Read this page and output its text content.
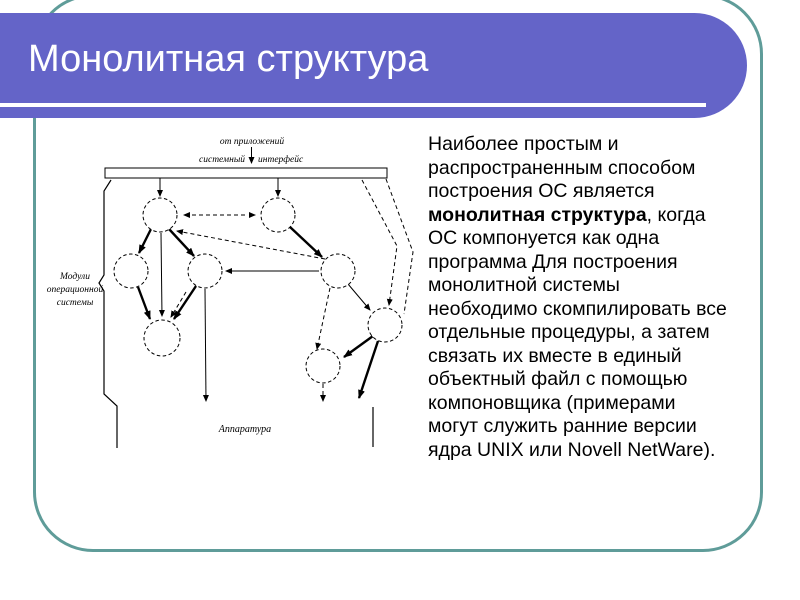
Монолитная структура
от приложений
системный интерфейс
Модули
операционной
системы
Аппаратура
Наиболее простым и распространенным способом построения ОС является монолитная структура, когда ОС компонуется как одна программа Для построения монолитной системы необходимо скомпилировать все отдельные процедуры, а затем связать их вместе в единый объектный файл с помощью компоновщика (примерами могут служить ранние версии ядра UNIX или Novell NetWare).
